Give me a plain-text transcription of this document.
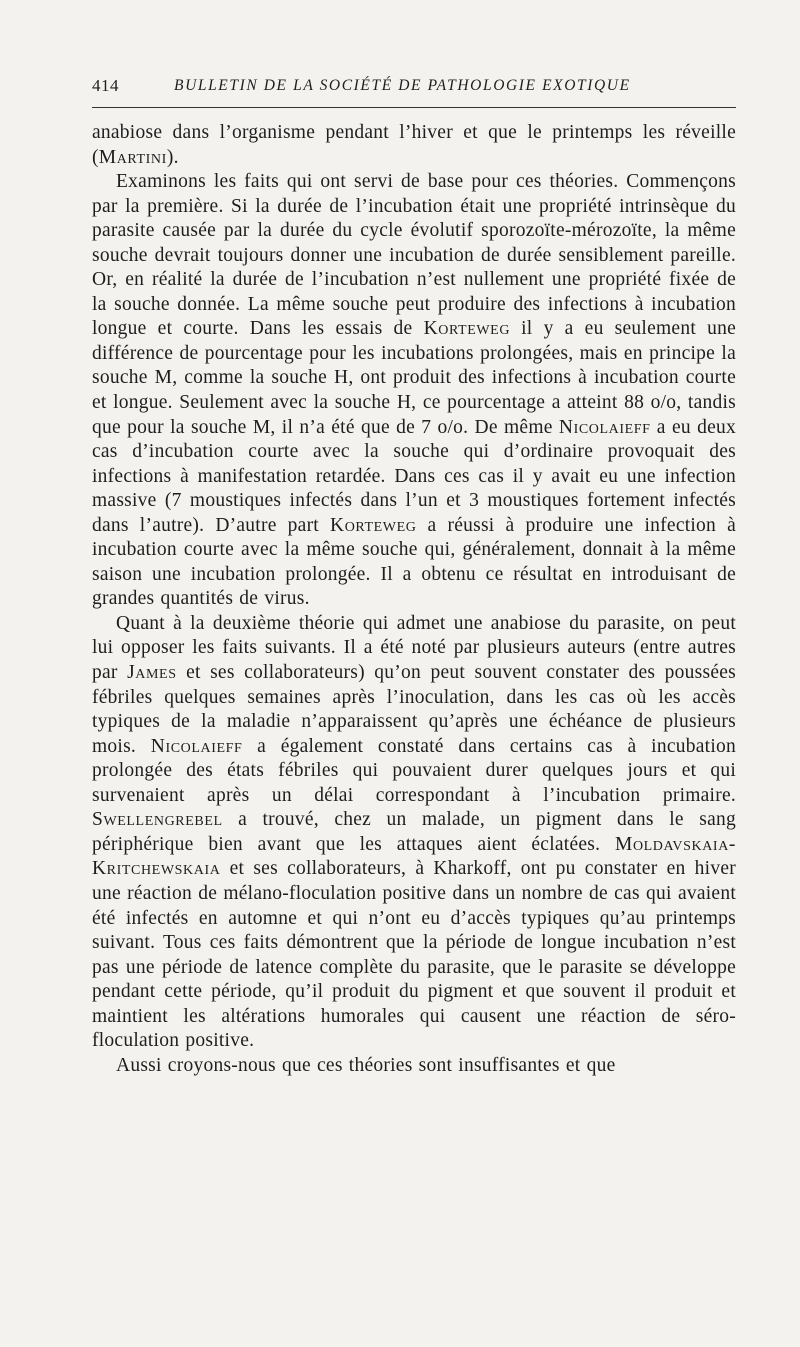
414	BULLETIN DE LA SOCIÉTÉ DE PATHOLOGIE EXOTIQUE

anabiose dans l’organisme pendant l’hiver et que le printemps les réveille (Martini).

Examinons les faits qui ont servi de base pour ces théories. Commençons par la première. Si la durée de l’incubation était une propriété intrinsèque du parasite causée par la durée du cycle évolutif sporozoïte-mérozoïte, la même souche devrait toujours donner une incubation de durée sensiblement pareille. Or, en réalité la durée de l’incubation n’est nullement une propriété fixée de la souche donnée. La même souche peut produire des infections à incubation longue et courte. Dans les essais de Korteweg il y a eu seulement une différence de pourcentage pour les incubations prolongées, mais en principe la souche M, comme la souche H, ont produit des infections à incubation courte et longue. Seulement avec la souche H, ce pourcentage a atteint 88 o/o, tandis que pour la souche M, il n’a été que de 7 o/o. De même Nicolaieff a eu deux cas d’incubation courte avec la souche qui d’ordinaire provoquait des infections à manifestation retardée. Dans ces cas il y avait eu une infection massive (7 moustiques infectés dans l’un et 3 moustiques fortement infectés dans l’autre). D’autre part Korteweg a réussi à produire une infection à incubation courte avec la même souche qui, généralement, donnait à la même saison une incubation prolongée. Il a obtenu ce résultat en introduisant de grandes quantités de virus.

Quant à la deuxième théorie qui admet une anabiose du parasite, on peut lui opposer les faits suivants. Il a été noté par plusieurs auteurs (entre autres par James et ses collaborateurs) qu’on peut souvent constater des poussées fébriles quelques semaines après l’inoculation, dans les cas où les accès typiques de la maladie n’apparaissent qu’après une échéance de plusieurs mois. Nicolaieff a également constaté dans certains cas à incubation prolongée des états fébriles qui pouvaient durer quelques jours et qui survenaient après un délai correspondant à l’incubation primaire. Swellengrebel a trouvé, chez un malade, un pigment dans le sang périphérique bien avant que les attaques aient éclatées. Moldavskaia-Kritchewskaia et ses collaborateurs, à Kharkoff, ont pu constater en hiver une réaction de mélano-floculation positive dans un nombre de cas qui avaient été infectés en automne et qui n’ont eu d’accès typiques qu’au printemps suivant. Tous ces faits démontrent que la période de longue incubation n’est pas une période de latence complète du parasite, que le parasite se développe pendant cette période, qu’il produit du pigment et que souvent il produit et maintient les altérations humorales qui causent une réaction de séro-floculation positive.

Aussi croyons-nous que ces théories sont insuffisantes et que
